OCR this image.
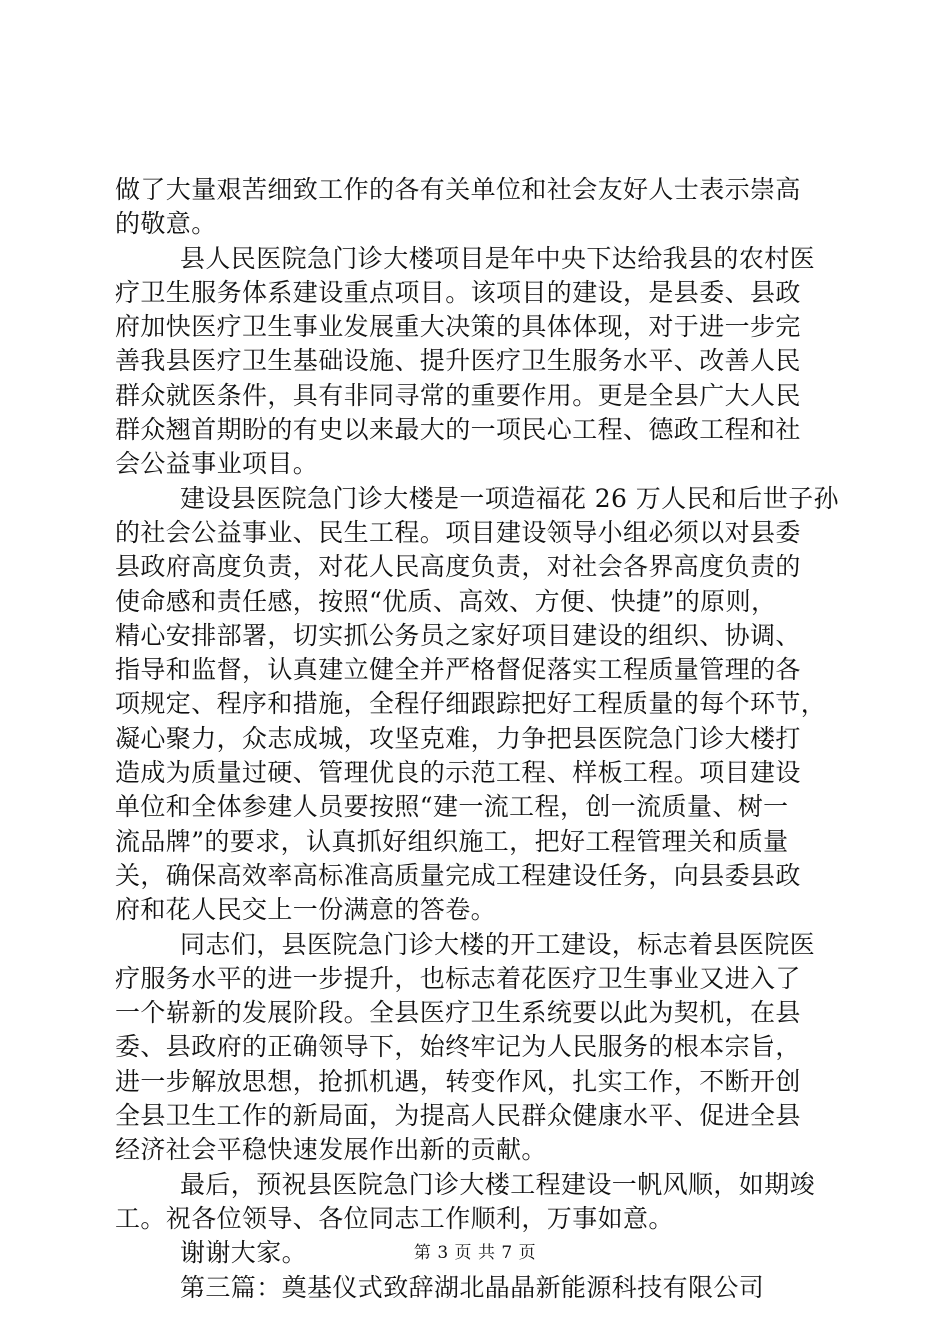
做了大量艰苦细致工作的各有关单位和社会友好人士表示崇高
的敬意。
县人民医院急门诊大楼项目是年中央下达给我县的农村医
疗卫生服务体系建设重点项目。该项目的建设，是县委、县政
府加快医疗卫生事业发展重大决策的具体体现，对于进一步完
善我县医疗卫生基础设施、提升医疗卫生服务水平、改善人民
群众就医条件，具有非同寻常的重要作用。更是全县广大人民
群众翘首期盼的有史以来最大的一项民心工程、德政工程和社
会公益事业项目。
建设县医院急门诊大楼是一项造福花 26 万人民和后世子孙
的社会公益事业、民生工程。项目建设领导小组必须以对县委
县政府高度负责，对花人民高度负责，对社会各界高度负责的
使命感和责任感，按照“优质、高效、方便、快捷”的原则，
精心安排部署，切实抓公务员之家好项目建设的组织、协调、
指导和监督，认真建立健全并严格督促落实工程质量管理的各
项规定、程序和措施，全程仔细跟踪把好工程质量的每个环节，
凝心聚力，众志成城，攻坚克难，力争把县医院急门诊大楼打
造成为质量过硬、管理优良的示范工程、样板工程。项目建设
单位和全体参建人员要按照“建一流工程，创一流质量、树一
流品牌”的要求，认真抓好组织施工，把好工程管理关和质量
关，确保高效率高标准高质量完成工程建设任务，向县委县政
府和花人民交上一份满意的答卷。
同志们，县医院急门诊大楼的开工建设，标志着县医院医
疗服务水平的进一步提升，也标志着花医疗卫生事业又进入了
一个崭新的发展阶段。全县医疗卫生系统要以此为契机，在县
委、县政府的正确领导下，始终牢记为人民服务的根本宗旨，
进一步解放思想，抢抓机遇，转变作风，扎实工作，不断开创
全县卫生工作的新局面，为提高人民群众健康水平、促进全县
经济社会平稳快速发展作出新的贡献。
最后，预祝县医院急门诊大楼工程建设一帆风顺，如期竣
工。祝各位领导、各位同志工作顺利，万事如意。
谢谢大家。
第三篇：奠基仪式致辞湖北晶晶新能源科技有限公司
第 3 页 共 7 页
